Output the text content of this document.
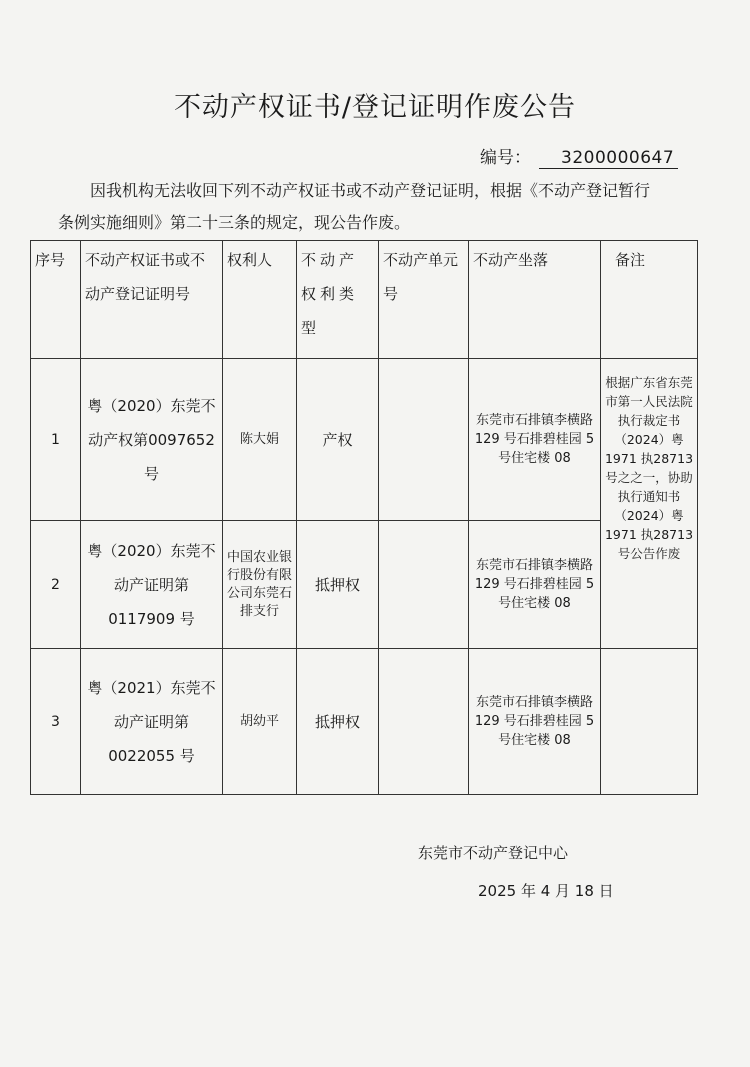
不动产权证书/登记证明作废公告
编号： 3200000647
因我机构无法收回下列不动产权证书或不动产登记证明，根据《不动产登记暂行条例实施细则》第二十三条的规定，现公告作废。
序号	不动产权证书或不动产登记证明号	权利人	不动产权利类型	不动产单元号	不动产坐落	备注
1	粤（2020）东莞不动产权第0097652 号	陈大娟	产权		东莞市石排镇李横路 129 号石排碧桂园 5 号住宅楼 08	根据广东省东莞市第一人民法院执行裁定书（2024）粤1971 执28713 号之之一，协助执行通知书（2024）粤1971 执28713 号公告作废
2	粤（2020）东莞不动产证明第0117909 号	中国农业银行股份有限公司东莞石排支行	抵押权		东莞市石排镇李横路 129 号石排碧桂园 5 号住宅楼 08	
3	粤（2021）东莞不动产证明第0022055 号	胡幼平	抵押权		东莞市石排镇李横路 129 号石排碧桂园 5 号住宅楼 08	
东莞市不动产登记中心
2025 年 4 月 18 日
